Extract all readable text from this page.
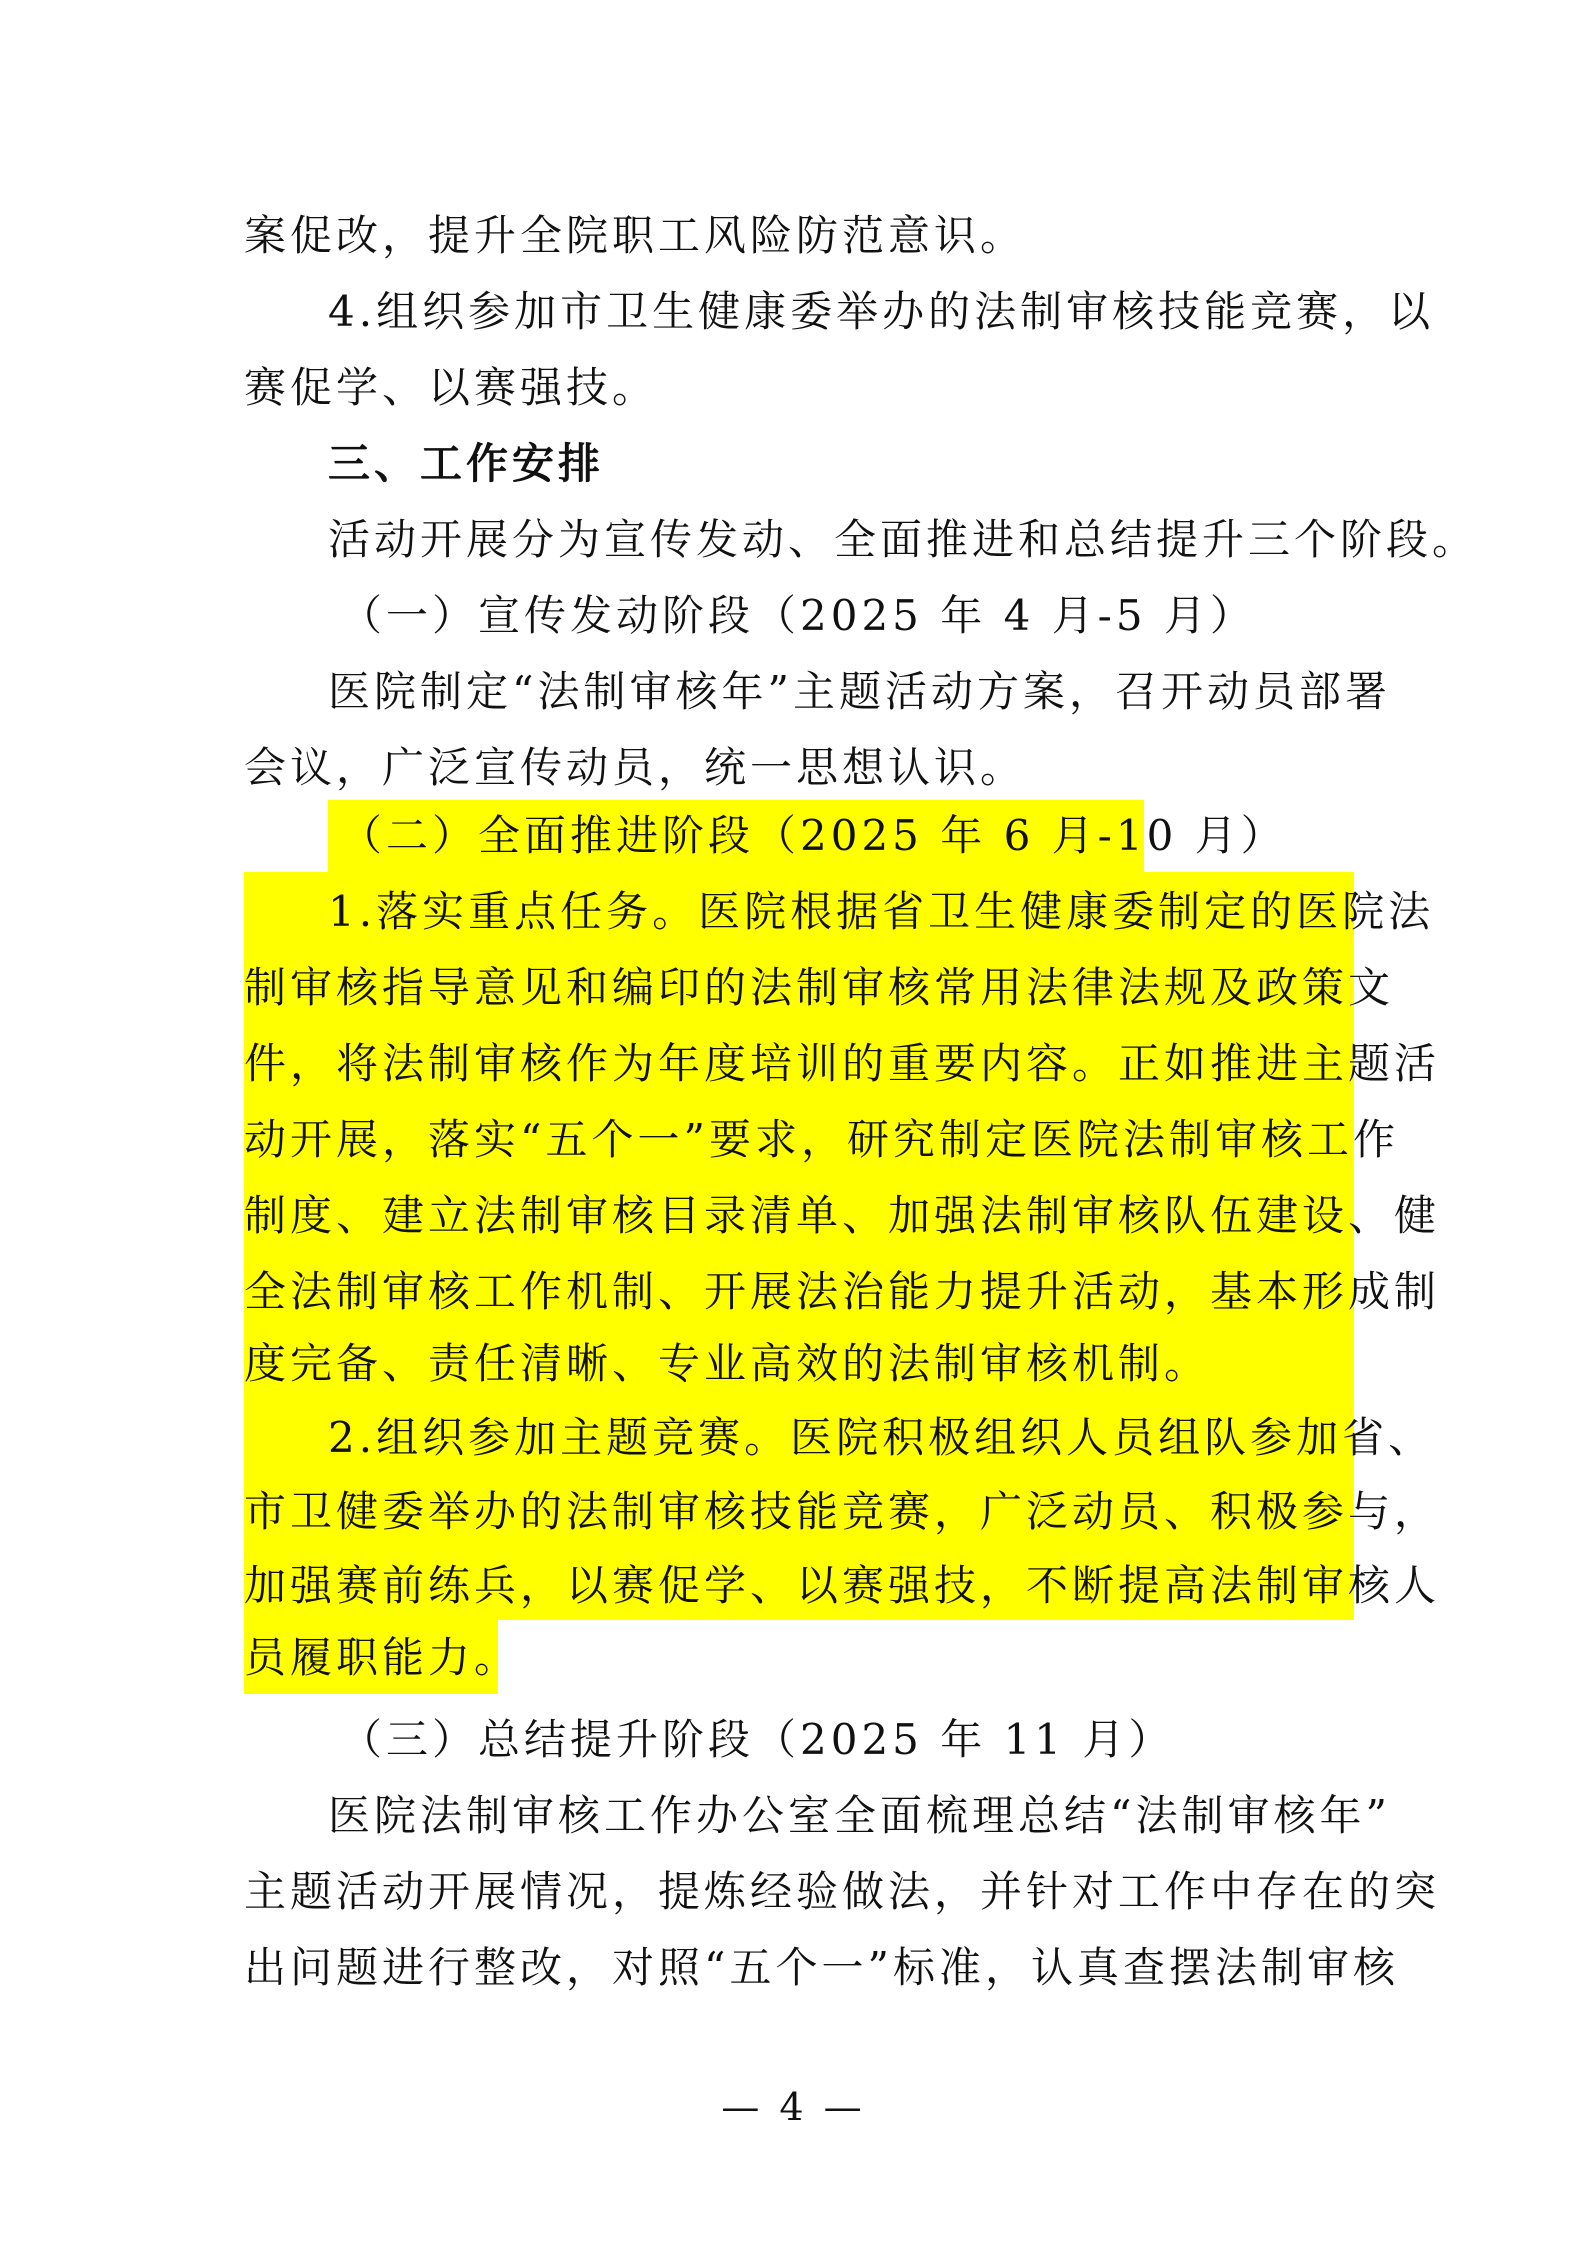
案促改，提升全院职工风险防范意识。

4.组织参加市卫生健康委举办的法制审核技能竞赛，以

赛促学、以赛强技。

三、工作安排

活动开展分为宣传发动、全面推进和总结提升三个阶段。

（一）宣传发动阶段（2025 年 4 月-5 月）

医院制定“法制审核年”主题活动方案，召开动员部署

会议，广泛宣传动员，统一思想认识。

（二）全面推进阶段（2025 年 6 月-10 月）

1.落实重点任务。医院根据省卫生健康委制定的医院法

制审核指导意见和编印的法制审核常用法律法规及政策文

件，将法制审核作为年度培训的重要内容。正如推进主题活

动开展，落实“五个一”要求，研究制定医院法制审核工作

制度、建立法制审核目录清单、加强法制审核队伍建设、健

全法制审核工作机制、开展法治能力提升活动，基本形成制

度完备、责任清晰、专业高效的法制审核机制。

2.组织参加主题竞赛。医院积极组织人员组队参加省、

市卫健委举办的法制审核技能竞赛，广泛动员、积极参与，

加强赛前练兵，以赛促学、以赛强技，不断提高法制审核人

员履职能力。

（三）总结提升阶段（2025 年 11 月）

医院法制审核工作办公室全面梳理总结“法制审核年”

主题活动开展情况，提炼经验做法，并针对工作中存在的突

出问题进行整改，对照“五个一”标准，认真查摆法制审核

— 4 —
